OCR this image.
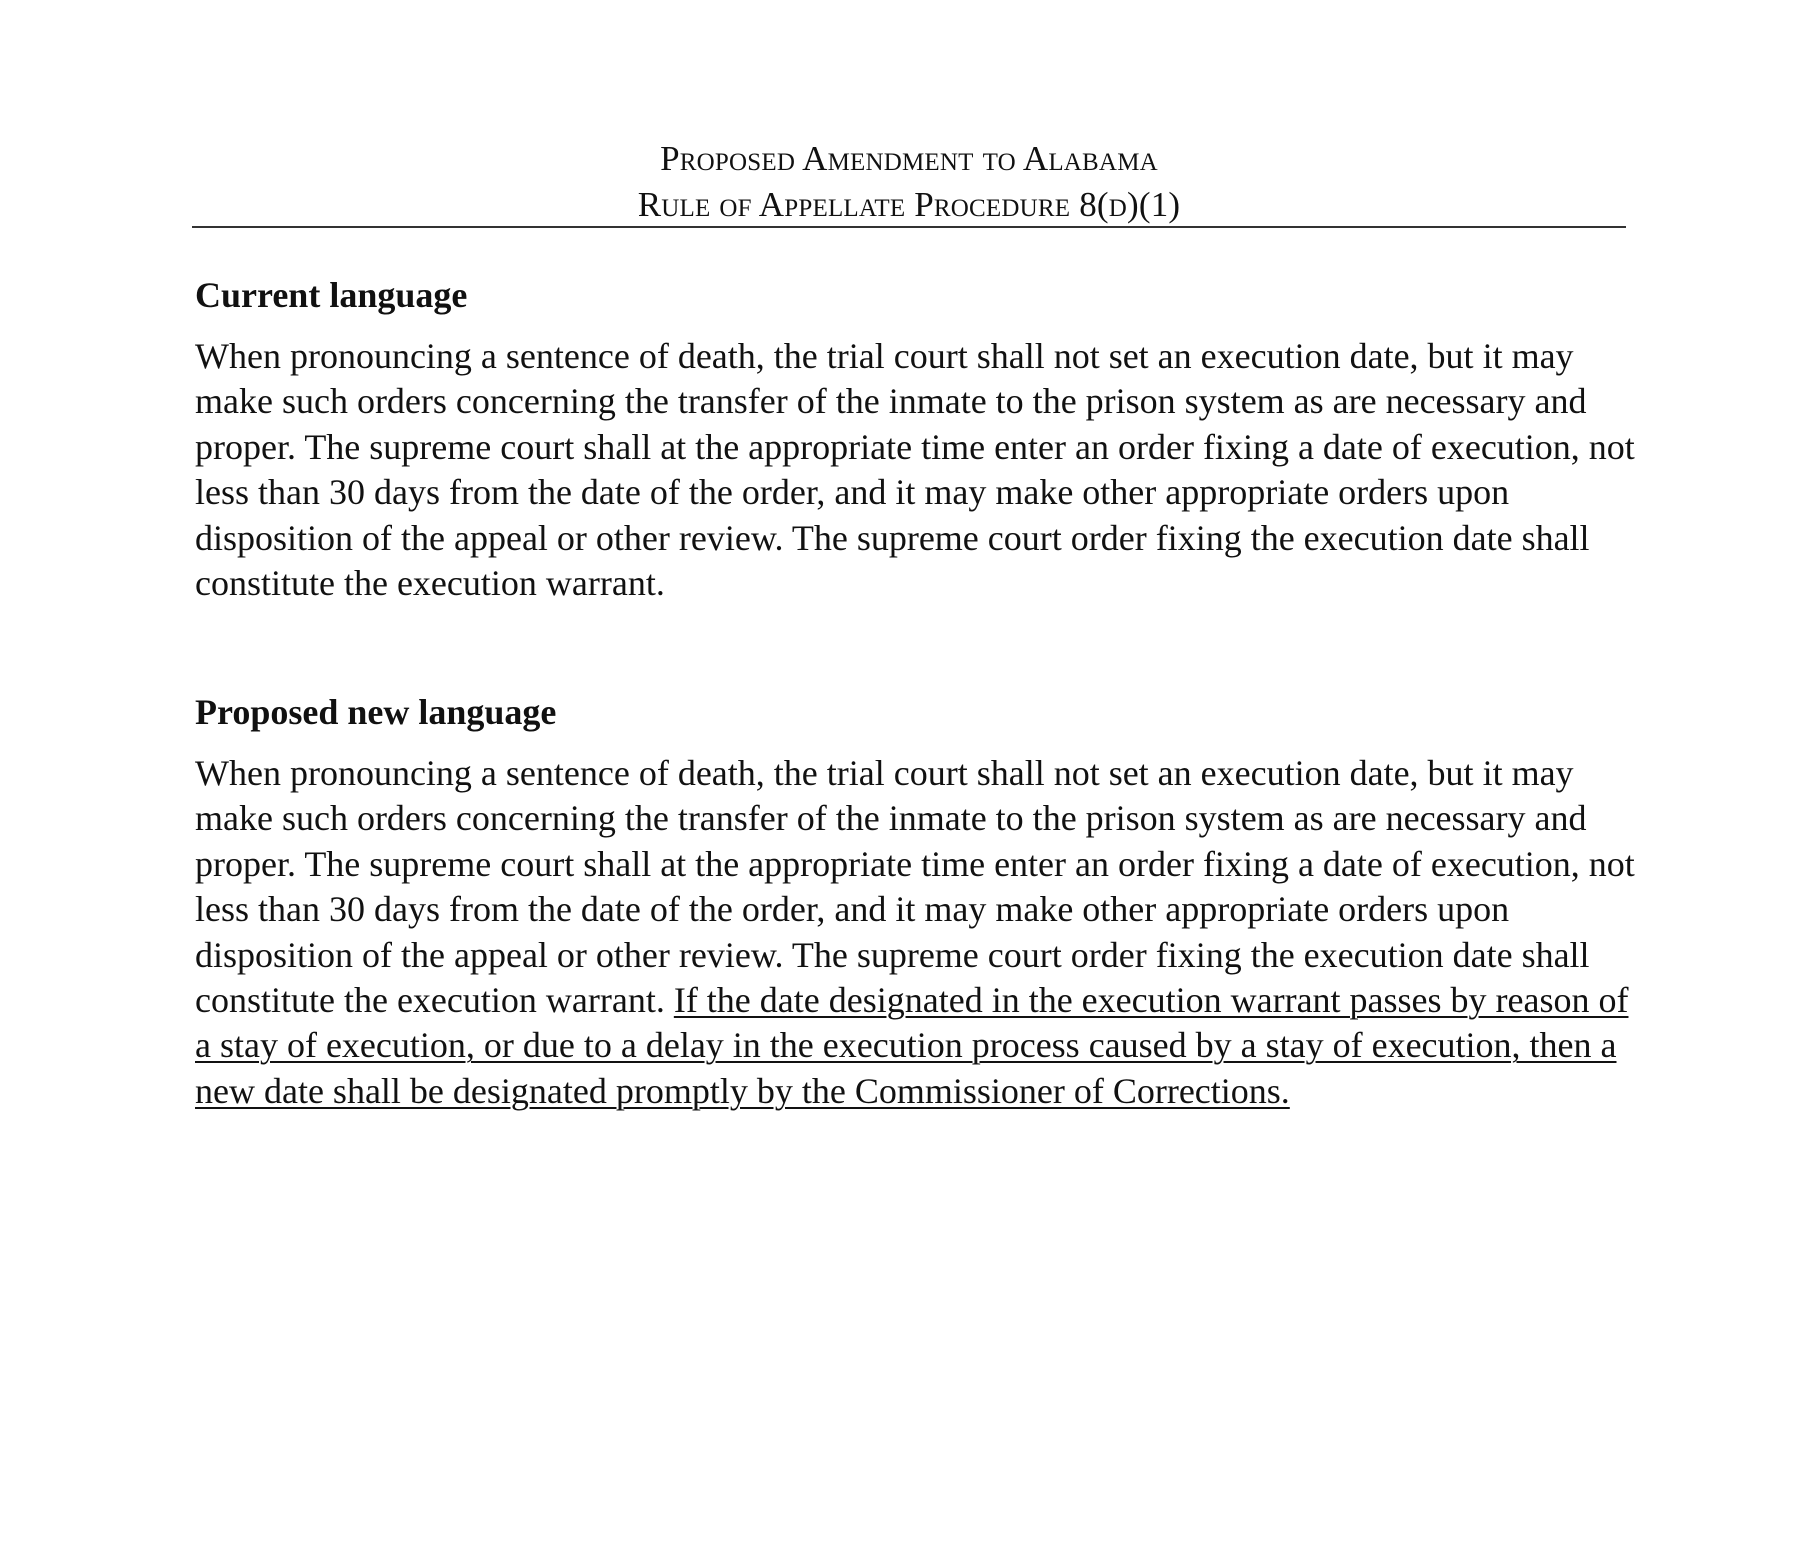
Proposed Amendment to Alabama
Rule of Appellate Procedure 8(d)(1)
Current language

When pronouncing a sentence of death, the trial court shall not set an execution date, but it may make such orders concerning the transfer of the inmate to the prison system as are necessary and proper. The supreme court shall at the appropriate time enter an order fixing a date of execution, not less than 30 days from the date of the order, and it may make other appropriate orders upon disposition of the appeal or other review. The supreme court order fixing the execution date shall constitute the execution warrant.

Proposed new language

When pronouncing a sentence of death, the trial court shall not set an execution date, but it may make such orders concerning the transfer of the inmate to the prison system as are necessary and proper. The supreme court shall at the appropriate time enter an order fixing a date of execution, not less than 30 days from the date of the order, and it may make other appropriate orders upon disposition of the appeal or other review. The supreme court order fixing the execution date shall constitute the execution warrant. If the date designated in the execution warrant passes by reason of a stay of execution, or due to a delay in the execution process caused by a stay of execution, then a new date shall be designated promptly by the Commissioner of Corrections.
